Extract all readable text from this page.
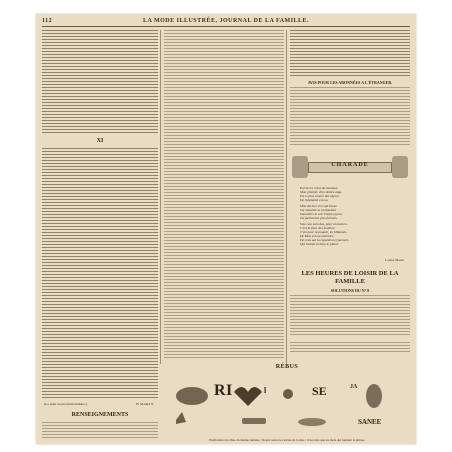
112	LA MODE ILLUSTRÉE, JOURNAL DE LA FAMILLE.
XI
(La suite au prochain numéro.)	B. MAILLY.
RENSEIGNEMENTS
AVIS POUR LES ABONNÉES A L'ÉTRANGER.
CHARADE
Parmi les coins de musique,
Mon premier, d'un timbre aigu,
Est le plus sonore des signes
De l'alphabet connu.
Mon dernier est capricieux
Sur laquelle se confondent
Volontiers le soir l'objet joyeux
Ou facilement plus formels.
Sous son sens bas, pour un balcon,
C'est la fleur des fenêtres;
C'est pour la poupée, en Milanais,
De Mon est ma mémoire,
De ceux qui la regardent et passent,
Qui trempe et dans le plaisir
Louise Morin
LES HEURES DE LOISIR DE LA FAMILLE
SOLUTIONS DU N° 8
RÉBUS
R I	l	SE	JA
SANEE
Explication du rébus du dernier numéro : Rayez toutes les lettres de la liste ; il ne reste que les mots qui forment la phrase.
